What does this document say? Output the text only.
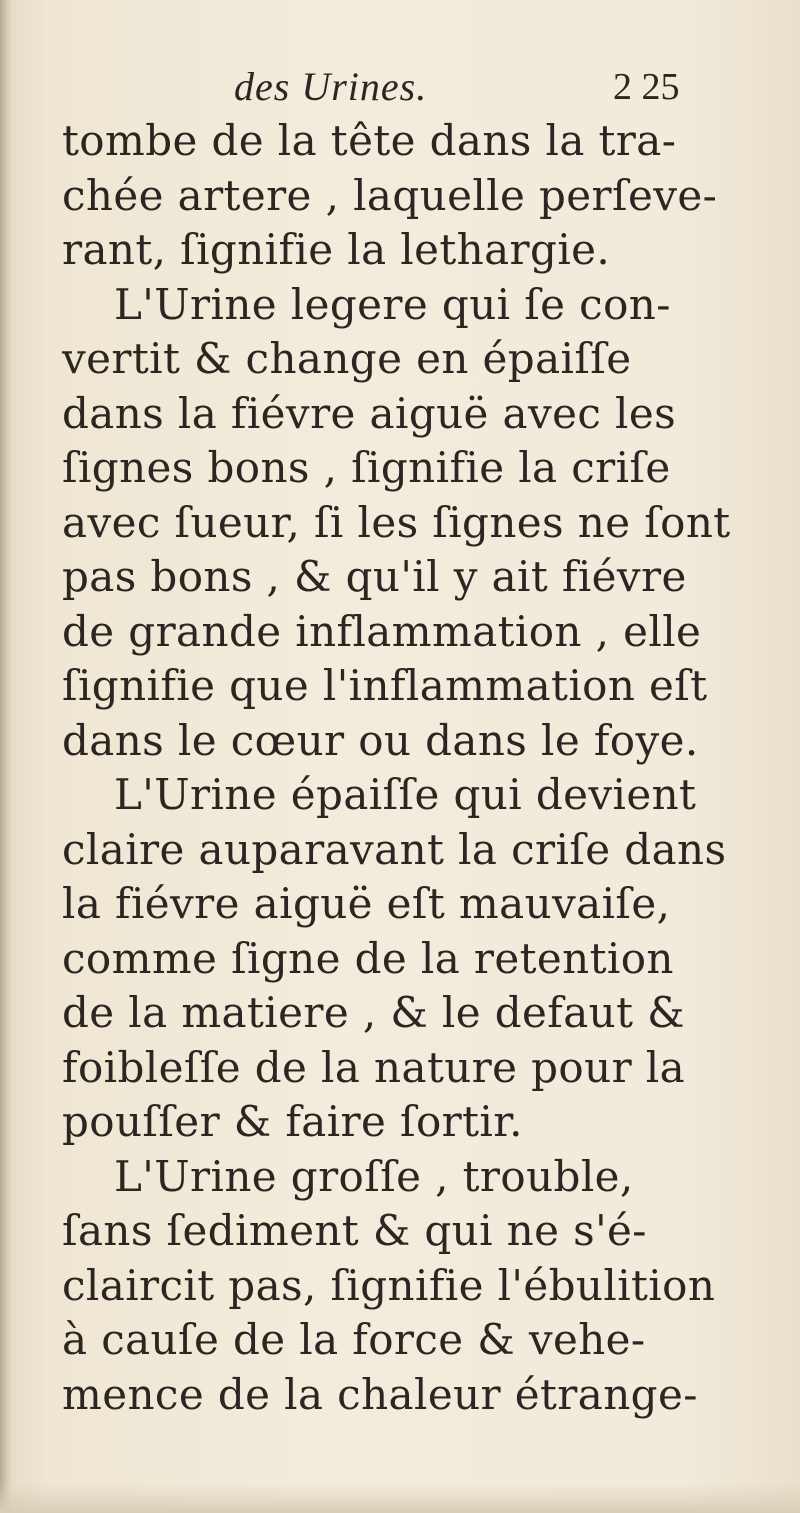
des Urines.	2 25
tombe de la tête dans la tra-
chée artere , laquelle perſeve-
rant, ſignifie la lethargie.
L'Urine legere qui ſe con-
vertit & change en épaiſſe
dans la fiévre aiguë avec les
ſignes bons , ſignifie la criſe
avec ſueur, ſi les ſignes ne ſont
pas bons , & qu'il y ait fiévre
de grande inflammation , elle
ſignifie que l'inflammation eſt
dans le cœur ou dans le foye.
L'Urine épaiſſe qui devient
claire auparavant la criſe dans
la fiévre aiguë eſt mauvaiſe,
comme ſigne de la retention
de la matiere , & le defaut &
foibleſſe de la nature pour la
pouſſer & faire ſortir.
L'Urine groſſe , trouble,
ſans ſediment & qui ne s'é-
claircit pas, ſignifie l'ébulition
à cauſe de la force & vehe-
mence de la chaleur étrange-
